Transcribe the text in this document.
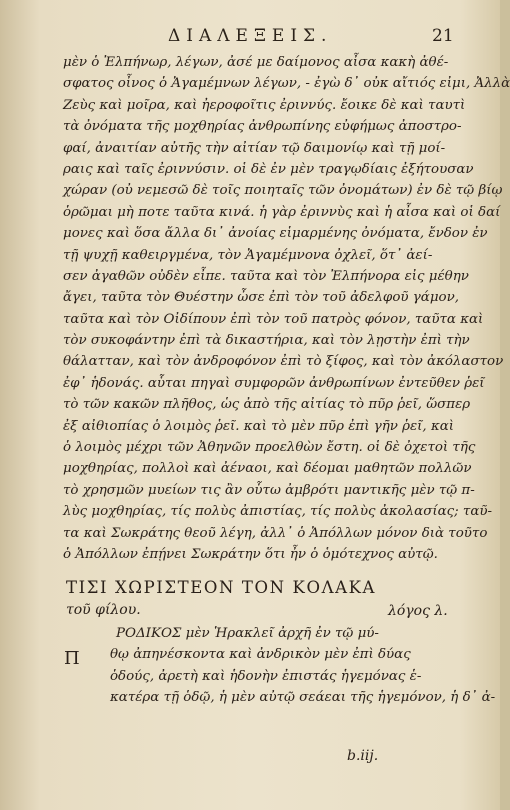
ΔΙΑΛΕΞΕΙΣ.	21
μὲν ὁ Ἐλπήνωρ, λέγων, ἀσέ με δαίμονος αἶσα κακὴ ἀθέ-
σφατος οἶνος ὁ Ἀγαμέμνων λέγων, - ἐγὼ δ᾽ οὐκ αἴτιός εἰμι, Ἀλλὰ
Ζεὺς καὶ μοῖρα, καὶ ἠεροφοῖτις ἐριννύς. ἔοικε δὲ καὶ ταυτὶ
τὰ ὀνόματα τῆς μοχθηρίας ἀνθρωπίνης εὐφήμως ἀποστρο-
φαί, ἀναιτίαν αὐτῆς τὴν αἰτίαν τῷ δαιμονίῳ καὶ τῇ μοί-
ραις καὶ ταῖς ἐριννύσιν. οἱ δὲ ἐν μὲν τραγῳδίαις ἐξήτουσαν
χώραν (οὐ νεμεσῶ δὲ τοῖς ποιηταῖς τῶν ὀνομάτων) ἐν δὲ τῷ βίῳ
ὁρῶμαι μὴ ποτε ταῦτα κινά. ἡ γὰρ ἐριννὺς καὶ ἡ αἶσα καὶ οἱ δαί
μονες καὶ ὅσα ἄλλα δι᾽ ἀνοίας εἱμαρμένης ὀνόματα, ἔνδον ἐν
τῇ ψυχῇ καθειργμένα, τὸν Ἀγαμέμνονα ὀχλεῖ, ὅτ᾽ ἀεί-
σεν ἀγαθῶν οὐδὲν εἶπε. ταῦτα καὶ τὸν Ἐλπήνορα εἰς μέθην
ἄγει, ταῦτα τὸν Θυέστην ὦσε ἐπὶ τὸν τοῦ ἀδελφοῦ γάμον,
ταῦτα καὶ τὸν Οἰδίπουν ἐπὶ τὸν τοῦ πατρὸς φόνον, ταῦτα καὶ
τὸν συκοφάντην ἐπὶ τὰ δικαστήρια, καὶ τὸν λῃστὴν ἐπὶ τὴν
θάλατταν, καὶ τὸν ἀνδροφόνον ἐπὶ τὸ ξίφος, καὶ τὸν ἀκόλαστον
ἐφ᾽ ἡδονάς. αὗται πηγαὶ συμφορῶν ἀνθρωπίνων ἐντεῦθεν ῥεῖ
τὸ τῶν κακῶν πλῆθος, ὡς ἀπὸ τῆς αἰτίας τὸ πῦρ ῥεῖ, ὥσπερ
ἐξ αἰθιοπίας ὁ λοιμὸς ῥεῖ. καὶ τὸ μὲν πῦρ ἐπὶ γῆν ῥεῖ, καὶ
ὁ λοιμὸς μέχρι τῶν Ἀθηνῶν προελθὼν ἔστη. οἱ δὲ ὀχετοὶ τῆς
μοχθηρίας, πολλοὶ καὶ ἀέναοι, καὶ δέομαι μαθητῶν πολλῶν
τὸ χρησμῶν μυείων τις ἂν οὗτω ἀμβρότι μαντικῆς μὲν τῷ π-
λὺς μοχθηρίας, τίς πολὺς ἀπιστίας, τίς πολὺς ἀκολασίας; ταῦ-
τα καὶ Σωκράτης θεοῦ λέγη, ἀλλ᾽ ὁ Ἀπόλλων μόνον διὰ τοῦτο
ὁ Ἀπόλλων ἐπῄνει Σωκράτην ὅτι ἦν ὁ ὁμότεχνος αὐτῷ.
ΤΙΣΙ ΧΩΡΙΣΤΕΟΝ ΤΟΝ ΚΟΛΑΚΑ
τοῦ φίλου.	λόγος λ.
Π
ΡΟΔΙΚΟΣ μὲν Ἡρακλεῖ ἀρχῆ ἐν τῷ μύ-
θῳ ἀπηνέσκοντα καὶ ἀνδρικὸν μὲν ἐπὶ δύας
ὁδούς, ἀρετὴ καὶ ἡδονὴν ἐπιστάς ἡγεμόνας ἑ-
κατέρα τῇ ὁδῷ, ἡ μὲν αὐτῷ σεάεαι τῆς ἡγεμόνον, ἡ δ᾽ ἀ-
b.iij.
